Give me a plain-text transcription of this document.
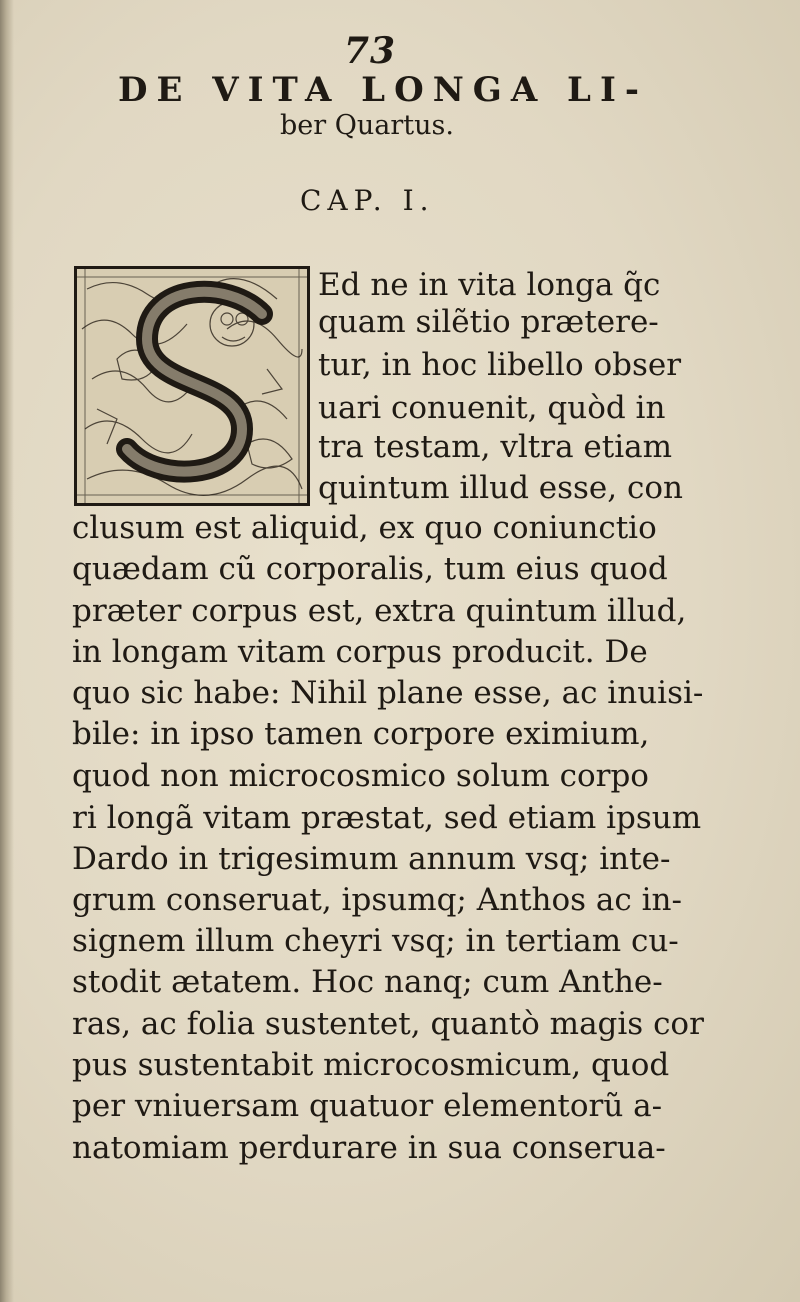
73
DE VITA LONGA LI-
ber Quartus.
CAP. I.
Ed ne in vita longa q̃c
quam silẽtio prætere-
tur, in hoc libello obser
uari conuenit, quòd in
tra testam, vltra etiam
quintum illud esse, con
clusum est aliquid, ex quo coniunctio
quædam cũ corporalis, tum eius quod
præter corpus est, extra quintum illud,
in longam vitam corpus producit. De
quo sic habe: Nihil plane esse, ac inuisi-
bile: in ipso tamen corpore eximium,
quod non microcosmico solum corpo
ri longã vitam præstat, sed etiam ipsum
Dardo in trigesimum annum vsq; inte-
grum conseruat, ipsumq; Anthos ac in-
signem illum cheyri vsq; in tertiam cu-
stodit ætatem. Hoc nanq; cum Anthe-
ras, ac folia sustentet, quantò magis cor
pus sustentabit microcosmicum, quod
per vniuersam quatuor elementorũ a-
natomiam perdurare in sua conserua-
